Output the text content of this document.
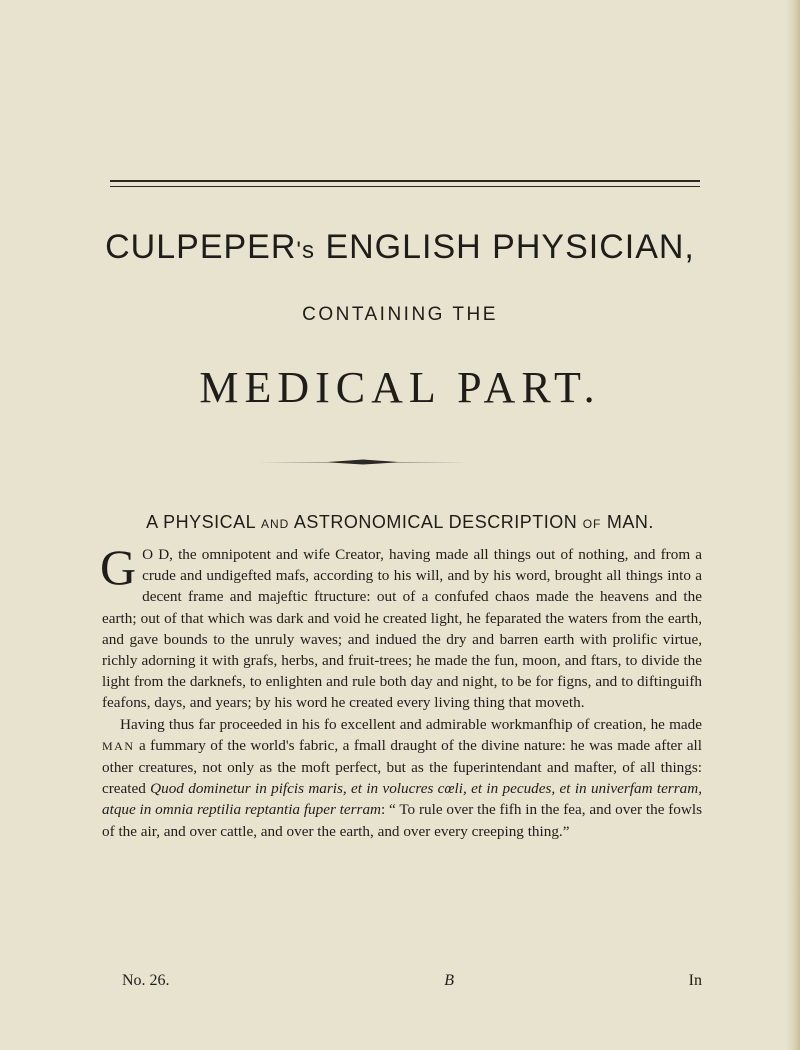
CULPEPER's ENGLISH PHYSICIAN,
CONTAINING THE
MEDICAL PART.
A PHYSICAL AND ASTRONOMICAL DESCRIPTION OF MAN.

G O D, the omnipotent and wife Creator, having made all things out of nothing, and from a crude and undigefted mafs, according to his will, and by his word, brought all things into a decent frame and majeftic ftructure: out of a confufed chaos made the heavens and the earth; out of that which was dark and void he created light, he feparated the waters from the earth, and gave bounds to the unruly waves; and indued the dry and barren earth with prolific virtue, richly adorning it with grafs, herbs, and fruit-trees; he made the fun, moon, and ftars, to divide the light from the darknefs, to enlighten and rule both day and night, to be for figns, and to diftinguifh feafons, days, and years; by his word he created every living thing that moveth.

Having thus far proceeded in his fo excellent and admirable workmanfhip of creation, he made MAN a fummary of the world's fabric, a fmall draught of the divine nature: he was made after all other creatures, not only as the moft perfect, but as the fuperintendant and mafter, of all things: created Quod dominetur in pifcis maris, et in volucres cœli, et in pecudes, et in univerfam terram, atque in omnia reptilia reptantia fuper terram: “ To rule over the fifh in the fea, and over the fowls of the air, and over cattle, and over the earth, and over every creeping thing.”

No. 26.	B	In
